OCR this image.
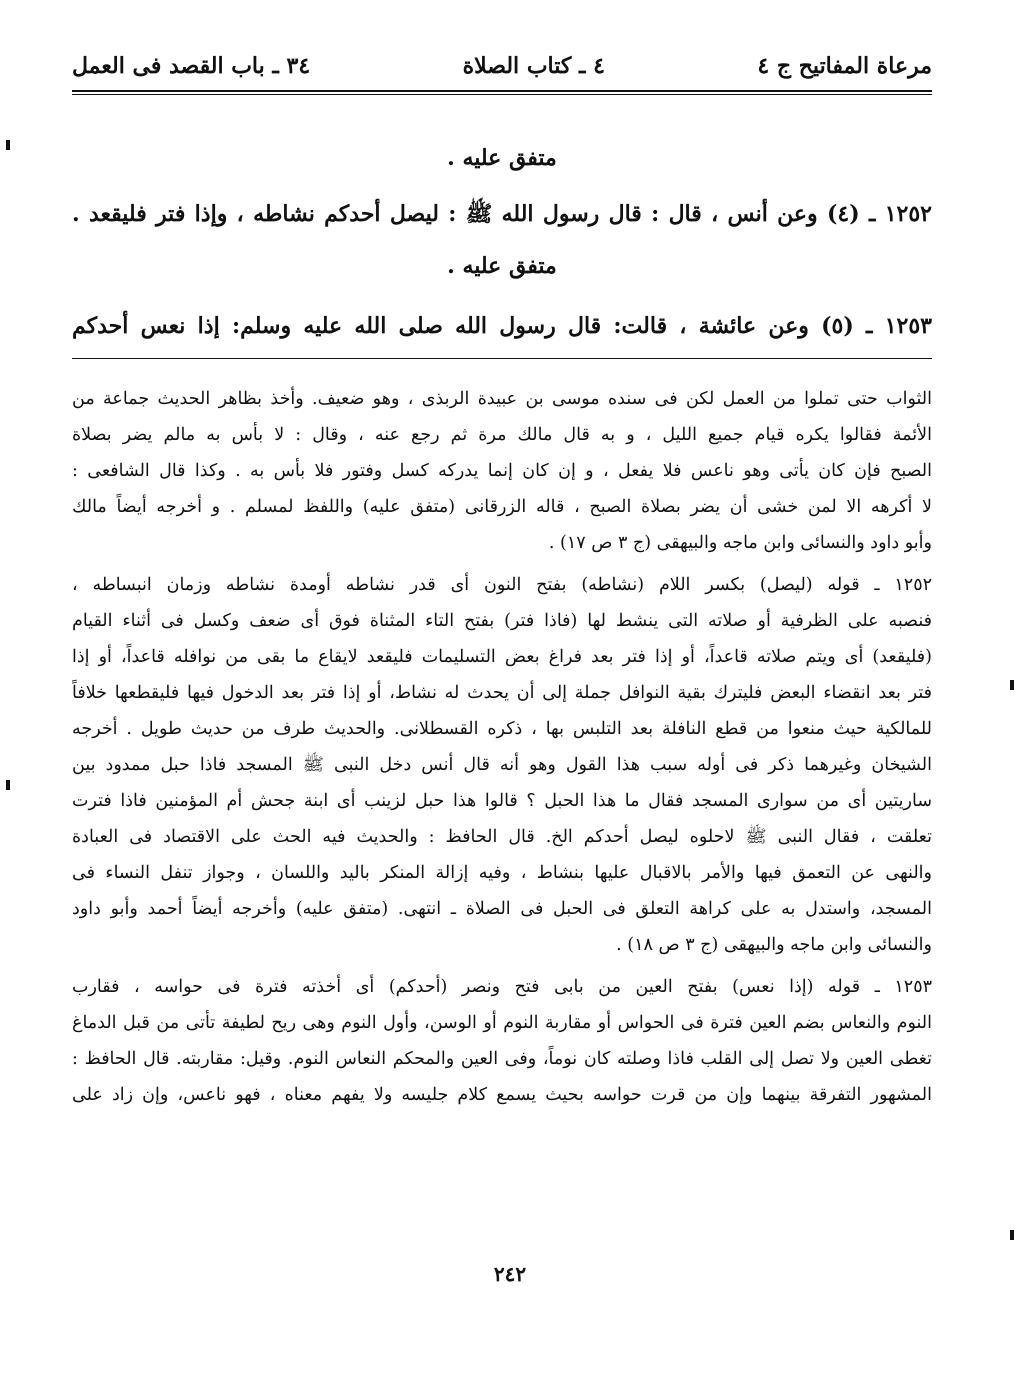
مرعاة المفاتيح ج ٤
٤ ـ كتاب الصلاة
٣٤ ـ باب القصد فى العمل
متفق عليه .
١٢٥٢ ـ (٤) وعن أنس ، قال : قال رسول الله ﷺ : ليصل أحدكم نشاطه ، وإذا فتر فليقعد .
متفق عليه .
١٢٥٣ ـ (٥) وعن عائشة ، قالت: قال رسول الله صلى الله عليه وسلم: إذا نعس أحدكم
الثواب حتى تملوا من العمل لكن فى سنده موسى بن عبيدة الربذى ، وهو ضعيف. وأخذ بظاهر الحديث جماعة من
الأئمة فقالوا يكره قيام جميع الليل ، و به قال مالك مرة ثم رجع عنه ، وقال : لا بأس به مالم يضر بصلاة
الصبح فإن كان يأتى وهو ناعس فلا يفعل ، و إن كان إنما يدركه كسل وفتور فلا بأس به . وكذا قال الشافعى :
لا أكرهه الا لمن خشى أن يضر بصلاة الصبح ، قاله الزرقانى (متفق عليه) واللفظ لمسلم . و أخرجه أيضاً مالك
وأبو داود والنسائى وابن ماجه والبيهقى (ج ٣ ص ١٧) .
١٢٥٢ ـ قوله (ليصل) بكسر اللام (نشاطه) بفتح النون أى قدر نشاطه أومدة نشاطه وزمان انبساطه ،
فنصبه على الظرفية أو صلاته التى ينشط لها (فاذا فتر) بفتح التاء المثناة فوق أى ضعف وكسل فى أثناء القيام
(فليقعد) أى ويتم صلاته قاعداً، أو إذا فتر بعد فراغ بعض التسليمات فليقعد لايقاع ما بقى من نوافله قاعداً، أو إذا
فتر بعد انقضاء البعض فليترك بقية النوافل جملة إلى أن يحدث له نشاط، أو إذا فتر بعد الدخول فيها فليقطعها خلافاً
للمالكية حيث منعوا من قطع النافلة بعد التلبس بها ، ذكره القسطلانى. والحديث طرف من حديث طويل . أخرجه
الشيخان وغيرهما ذكر فى أوله سبب هذا القول وهو أنه قال أنس دخل النبى ﷺ المسجد فاذا حبل ممدود بين
ساريتين أى من سوارى المسجد فقال ما هذا الحبل ؟ قالوا هذا حبل لزينب أى ابنة جحش أم المؤمنين فاذا فترت
تعلقت ، فقال النبى ﷺ لاحلوه ليصل أحدكم الخ. قال الحافظ : والحديث فيه الحث على الاقتصاد فى العبادة
والنهى عن التعمق فيها والأمر بالاقبال عليها بنشاط ، وفيه إزالة المنكر باليد واللسان ، وجواز تنفل النساء فى
المسجد، واستدل به على كراهة التعلق فى الحبل فى الصلاة ـ انتهى. (متفق عليه) وأخرجه أيضاً أحمد وأبو داود
والنسائى وابن ماجه والبيهقى (ج ٣ ص ١٨) .
١٢٥٣ ـ قوله (إذا نعس) بفتح العين من بابى فتح ونصر (أحدكم) أى أخذته فترة فى حواسه ، فقارب
النوم والنعاس بضم العين فترة فى الحواس أو مقاربة النوم أو الوسن، وأول النوم وهى ريح لطيفة تأتى من قبل الدماغ
تغطى العين ولا تصل إلى القلب فاذا وصلته كان نوماً، وفى العين والمحكم النعاس النوم. وقيل: مقاربته. قال الحافظ :
المشهور التفرقة بينهما وإن من قرت حواسه بحيث يسمع كلام جليسه ولا يفهم معناه ، فهو ناعس، وإن زاد على
٢٤٢
